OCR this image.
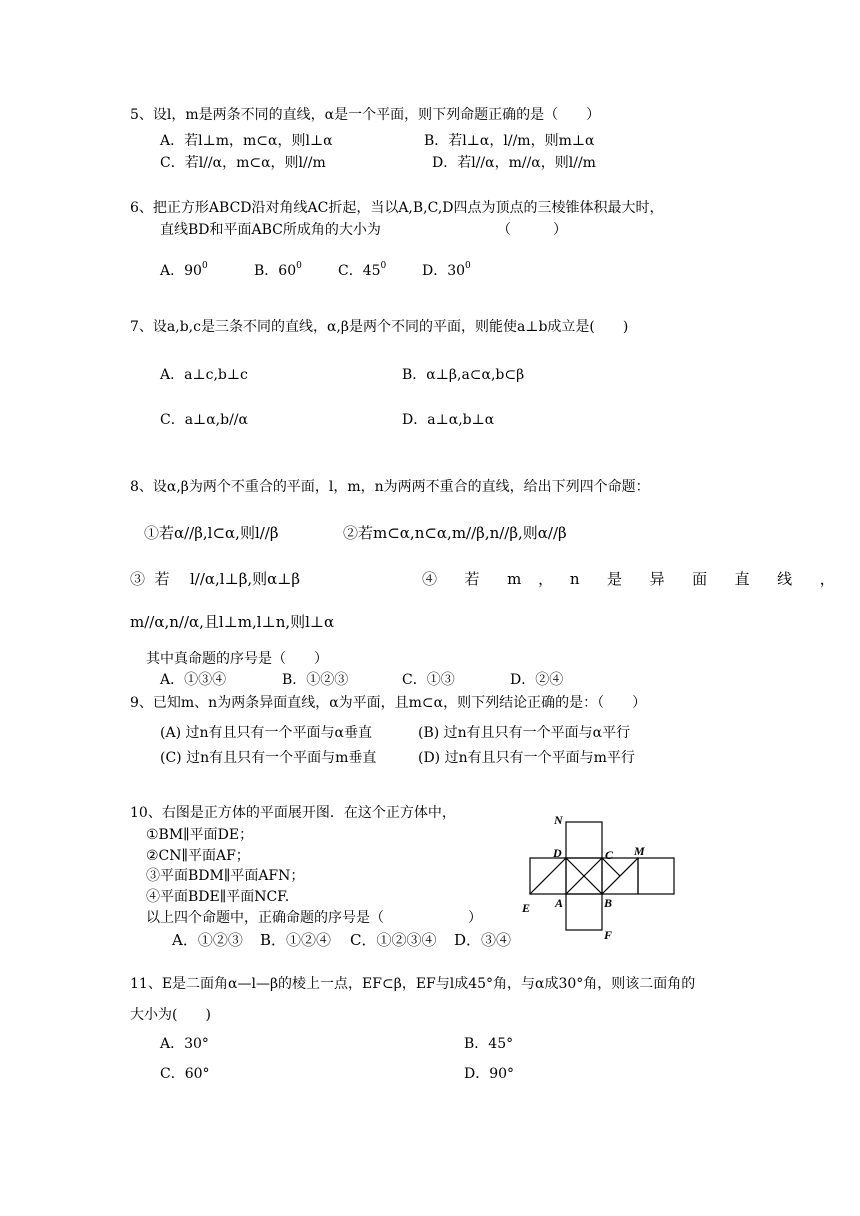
5、设l，m是两条不同的直线，α是一个平面，则下列命题正确的是（　　）
A．若l⊥m，m⊂α，则l⊥α	B．若l⊥α，l//m，则m⊥α
C．若l//α，m⊂α，则l//m	D．若l//α，m//α，则l//m
6、把正方形ABCD沿对角线AC折起，当以A,B,C,D四点为顶点的三棱锥体积最大时，
直线BD和平面ABC所成角的大小为	（　　　）
A．$90^0$	B．$60^0$	C．$45^0$	D．$30^0$
7、设a,b,c是三条不同的直线，α,β是两个不同的平面，则能使a⊥b成立是(　　)
A．a⊥c,b⊥c	B．α⊥β,a⊂α,b⊂β
C．a⊥α,b//α	D．a⊥α,b⊥α
8、设α,β为两个不重合的平面，l，m，n为两两不重合的直线，给出下列四个命题：
①若α//β,l⊂α,则l//β	②若m⊂α,n⊂α,m//β,n//β,则α//β
③  若 l//α,l⊥β,则α⊥β	④  若  m ， n  是  异  面  直  线  ，
m//α,n//α,且l⊥m,l⊥n,则l⊥α
其中真命题的序号是（　　）
A．①③④	B．①②③	C．①③	D．②④
9、已知m、n为两条异面直线，α为平面，且m⊂α，则下列结论正确的是：（　　）
(A) 过n有且只有一个平面与α垂直	(B) 过n有且只有一个平面与α平行
(C) 过n有且只有一个平面与m垂直	(D) 过n有且只有一个平面与m平行
10、右图是正方体的平面展开图．在这个正方体中，
①BM∥平面DE；
②CN∥平面AF；
③平面BDM∥平面AFN；
④平面BDE∥平面NCF.
以上四个命题中，正确命题的序号是（　　　　　　）
A．①②③ B．①②④ C．①②③④ D．③④
N
D	C M
E A	B
F
11、E是二面角α—l—β的棱上一点，EF⊂β，EF与l成45°角，与α成30°角，则该二面角的
大小为(　　)
A．30°	B．45°
C．60°	D．90°
